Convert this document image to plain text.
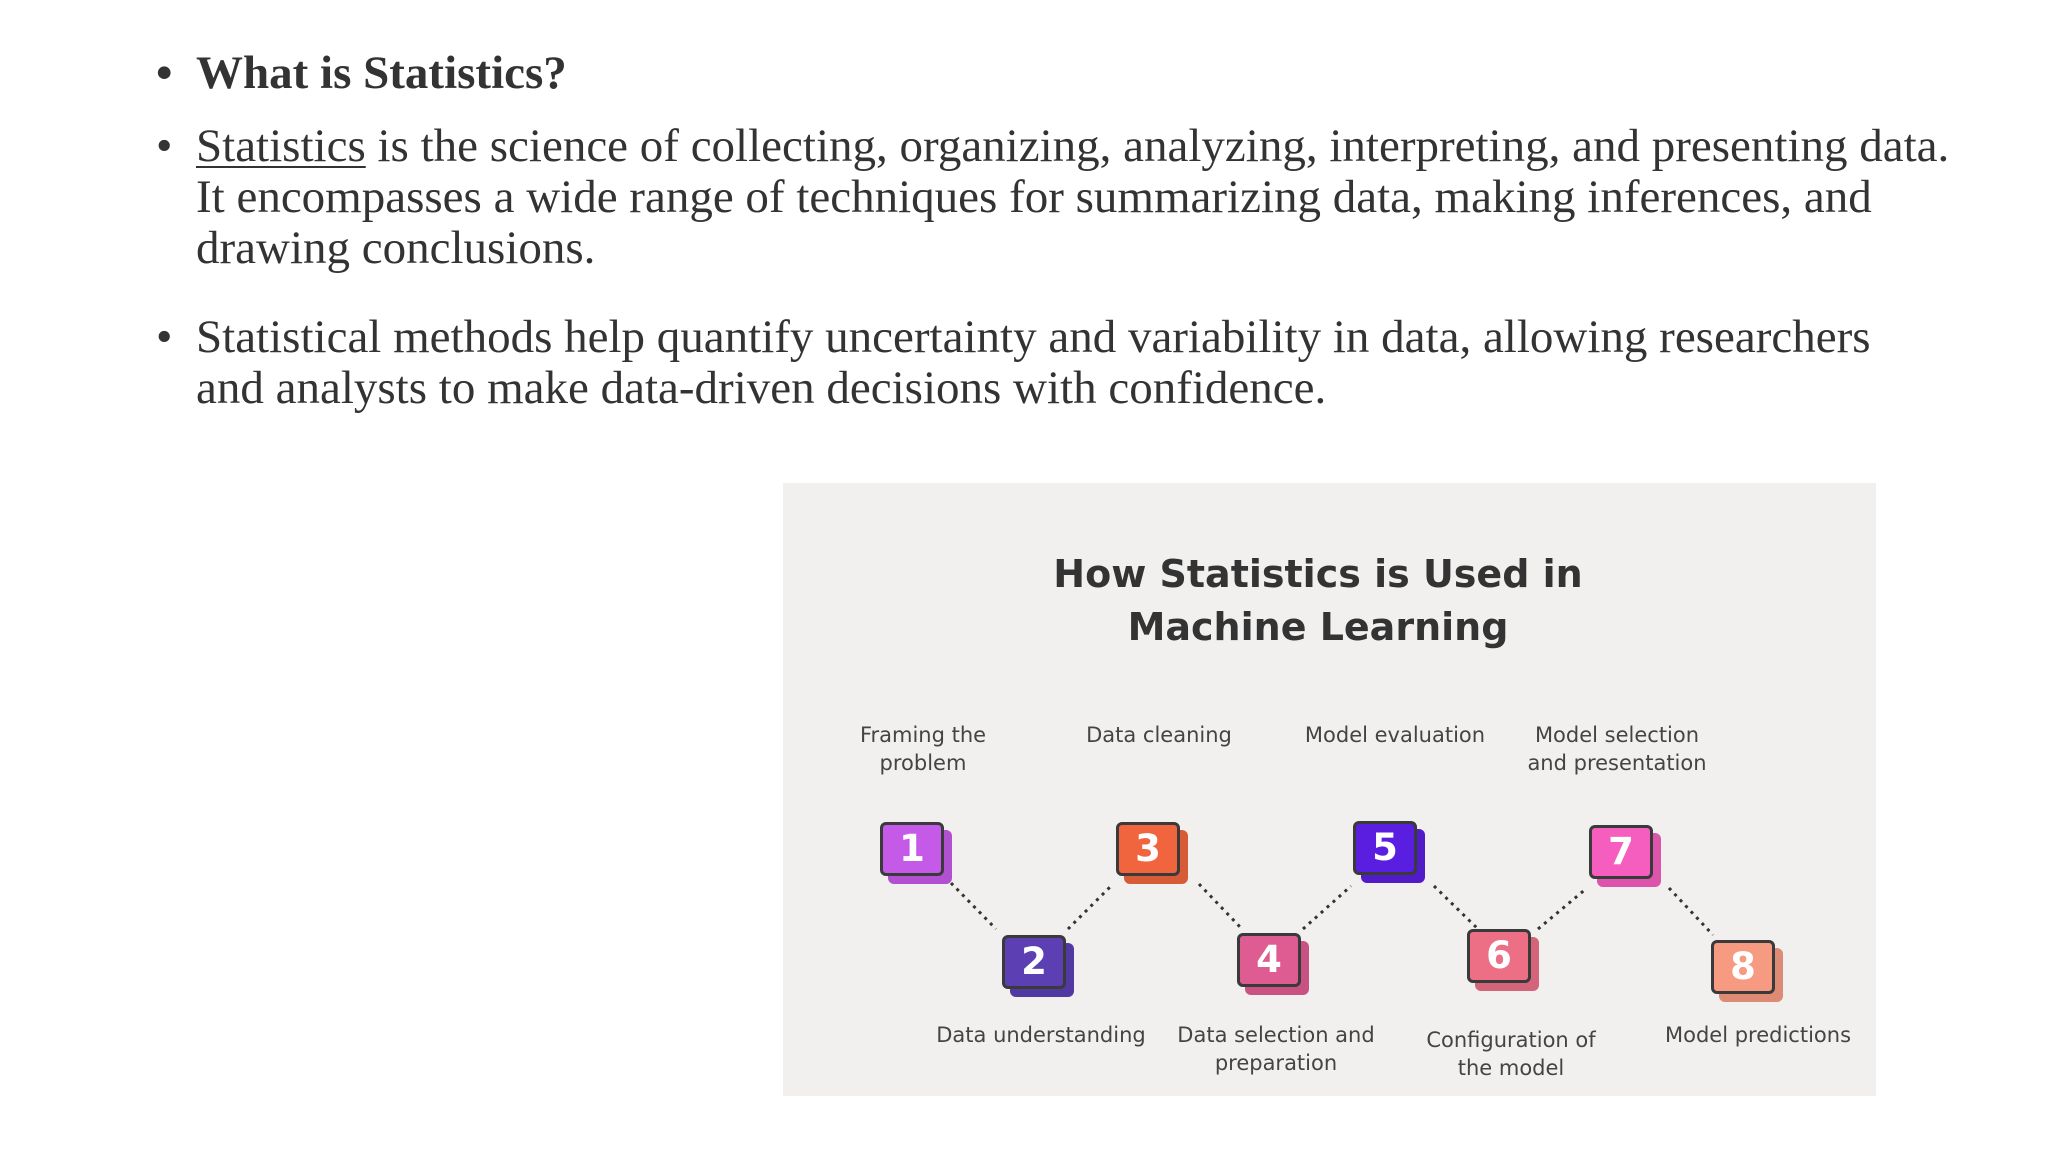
• What is Statistics?
• Statistics is the science of collecting, organizing, analyzing, interpreting, and presenting data. It encompasses a wide range of techniques for summarizing data, making inferences, and drawing conclusions.
• Statistical methods help quantify uncertainty and variability in data, allowing researchers and analysts to make data-driven decisions with confidence.
How Statistics is Used in
Machine Learning
Framing the problem
1
Data understanding
2
Data cleaning
3
Data selection and preparation
4
Model evaluation
5
Configuration of the model
6
Model selection and presentation
7
Model predictions
8
